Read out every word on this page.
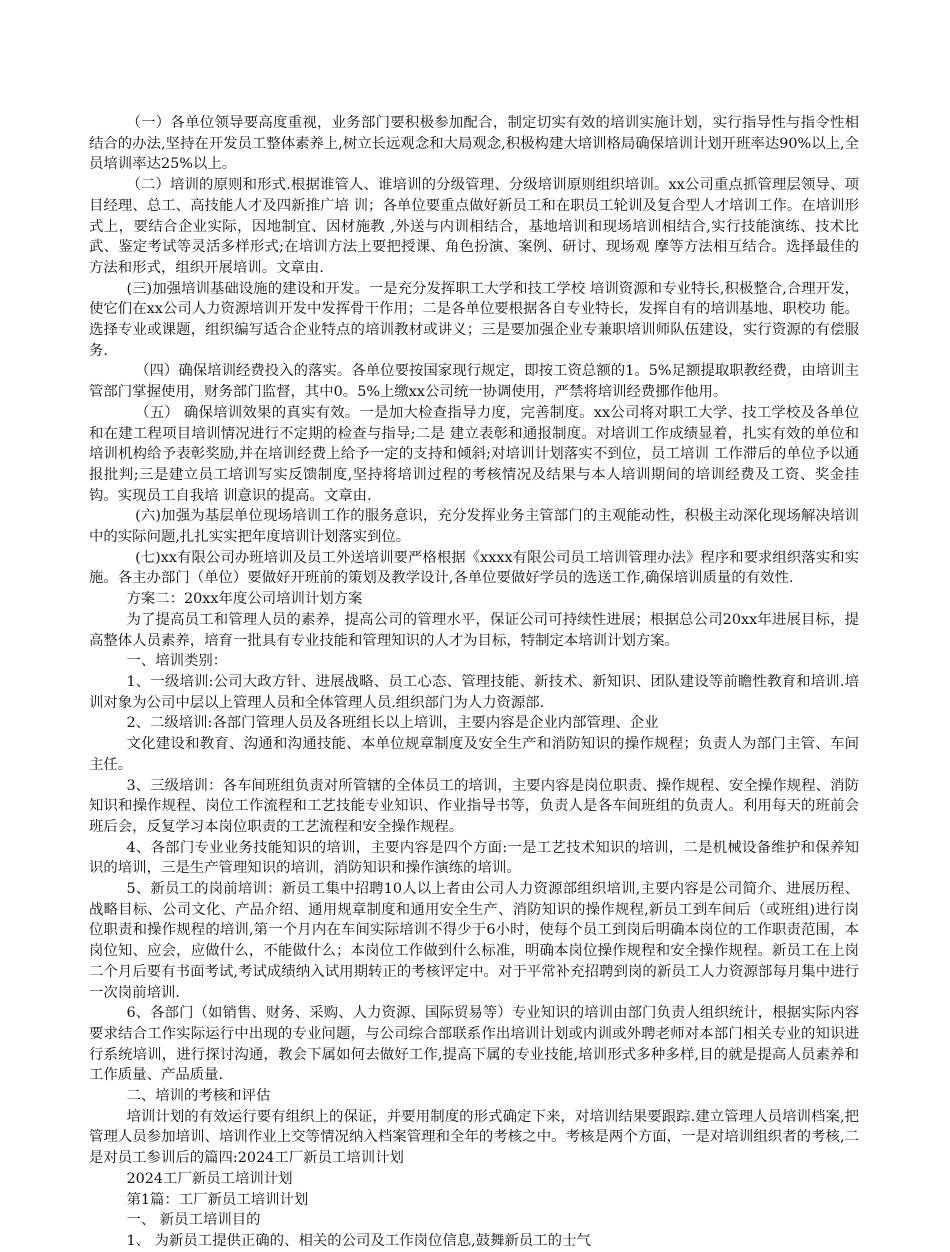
（一）各单位领导要高度重视，业务部门要积极参加配合，制定切实有效的培训实施计划，实行指导性与指令性相结合的办法,坚持在开发员工整体素养上,树立长远观念和大局观念,积极构建大培训格局确保培训计划开班率达90%以上,全员培训率达25%以上。

（二）培训的原则和形式.根据谁管人、谁培训的分级管理、分级培训原则组织培训。xx公司重点抓管理层领导、项目经理、总工、高技能人才及四新推广培 训；各单位要重点做好新员工和在职员工轮训及复合型人才培训工作。在培训形式上，要结合企业实际，因地制宜、因材施教 ,外送与内训相结合，基地培训和现场培训相结合,实行技能演练、技术比武、鉴定考试等灵活多样形式;在培训方法上要把授课、角色扮演、案例、研讨、现场观 摩等方法相互结合。选择最佳的方法和形式，组织开展培训。文章由.

(三)加强培训基础设施的建设和开发。一是充分发挥职工大学和技工学校 培训资源和专业特长,积极整合,合理开发，使它们在xx公司人力资源培训开发中发挥骨干作用；二是各单位要根据各自专业特长，发挥自有的培训基地、职校功 能。选择专业或课题，组织编写适合企业特点的培训教材或讲义；三是要加强企业专兼职培训师队伍建设，实行资源的有偿服务.

（四）确保培训经费投入的落实。各单位要按国家现行规定，即按工资总额的1。5%足额提取职教经费，由培训主管部门掌握使用，财务部门监督，其中0。5%上缴xx公司统一协调使用，严禁将培训经费挪作他用。

（五） 确保培训效果的真实有效。一是加大检查指导力度，完善制度。xx公司将对职工大学、技工学校及各单位和在建工程项目培训情况进行不定期的检查与指导;二是 建立表彰和通报制度。对培训工作成绩显着，扎实有效的单位和培训机构给予表彰奖励,并在培训经费上给予一定的支持和倾斜;对培训计划落实不到位，员工培训 工作滞后的单位予以通报批判;三是建立员工培训写实反馈制度,坚持将培训过程的考核情况及结果与本人培训期间的培训经费及工资、奖金挂钩。实现员工自我培 训意识的提高。文章由.

(六)加强为基层单位现场培训工作的服务意识，充分发挥业务主管部门的主观能动性，积极主动深化现场解决培训中的实际问题,扎扎实实把年度培训计划落实到位。

(七)xx有限公司办班培训及员工外送培训要严格根据《xxxx有限公司员工培训管理办法》程序和要求组织落实和实施。各主办部门（单位）要做好开班前的策划及教学设计,各单位要做好学员的选送工作,确保培训质量的有效性.

方案二：20xx年度公司培训计划方案

为了提高员工和管理人员的素养，提高公司的管理水平，保证公司可持续性进展；根据总公司20xx年进展目标，提高整体人员素养，培育一批具有专业技能和管理知识的人才为目标，特制定本培训计划方案。

一、培训类别：

1、一级培训:公司大政方针、进展战略、员工心态、管理技能、新技术、新知识、团队建设等前瞻性教育和培训.培训对象为公司中层以上管理人员和全体管理人员.组织部门为人力资源部.

2、二级培训:各部门管理人员及各班组长以上培训，主要内容是企业内部管理、企业

文化建设和教育、沟通和沟通技能、本单位规章制度及安全生产和消防知识的操作规程；负责人为部门主管、车间主任。

3、三级培训：各车间班组负责对所管辖的全体员工的培训，主要内容是岗位职责、操作规程、安全操作规程、消防知识和操作规程、岗位工作流程和工艺技能专业知识、作业指导书等，负责人是各车间班组的负责人。利用每天的班前会班后会，反复学习本岗位职责的工艺流程和安全操作规程。

4、各部门专业业务技能知识的培训，主要内容是四个方面:一是工艺技术知识的培训，二是机械设备维护和保养知识的培训，三是生产管理知识的培训，消防知识和操作演练的培训。

5、新员工的岗前培训：新员工集中招聘10人以上者由公司人力资源部组织培训,主要内容是公司简介、进展历程、战略目标、公司文化、产品介绍、通用规章制度和通用安全生产、消防知识的操作规程,新员工到车间后（或班组)进行岗位职责和操作规程的培训,第一个月内在车间实际培训不得少于6小时，使每个员工到岗后明确本岗位的工作职责范围，本岗位知、应会，应做什么，不能做什么；本岗位工作做到什么标准，明确本岗位操作规程和安全操作规程。新员工在上岗二个月后要有书面考试,考试成绩纳入试用期转正的考核评定中。对于平常补充招聘到岗的新员工人力资源部每月集中进行一次岗前培训.

6、各部门（如销售、财务、采购、人力资源、国际贸易等）专业知识的培训由部门负责人组织统计，根据实际内容要求结合工作实际运行中出现的专业问题，与公司综合部联系作出培训计划或内训或外聘老师对本部门相关专业的知识进行系统培训，进行探讨沟通，教会下属如何去做好工作,提高下属的专业技能,培训形式多种多样,目的就是提高人员素养和工作质量、产品质量.

二、培训的考核和评估

培训计划的有效运行要有组织上的保证，并要用制度的形式确定下来，对培训结果要跟踪.建立管理人员培训档案,把管理人员参加培训、培训作业上交等情况纳入档案管理和全年的考核之中。考核是两个方面，一是对培训组织者的考核,二是对员工参训后的篇四:2024工厂新员工培训计划

2024工厂新员工培训计划

第1篇：工厂新员工培训计划

一、 新员工培训目的

1、 为新员工提供正确的、相关的公司及工作岗位信息,鼓舞新员工的士气
